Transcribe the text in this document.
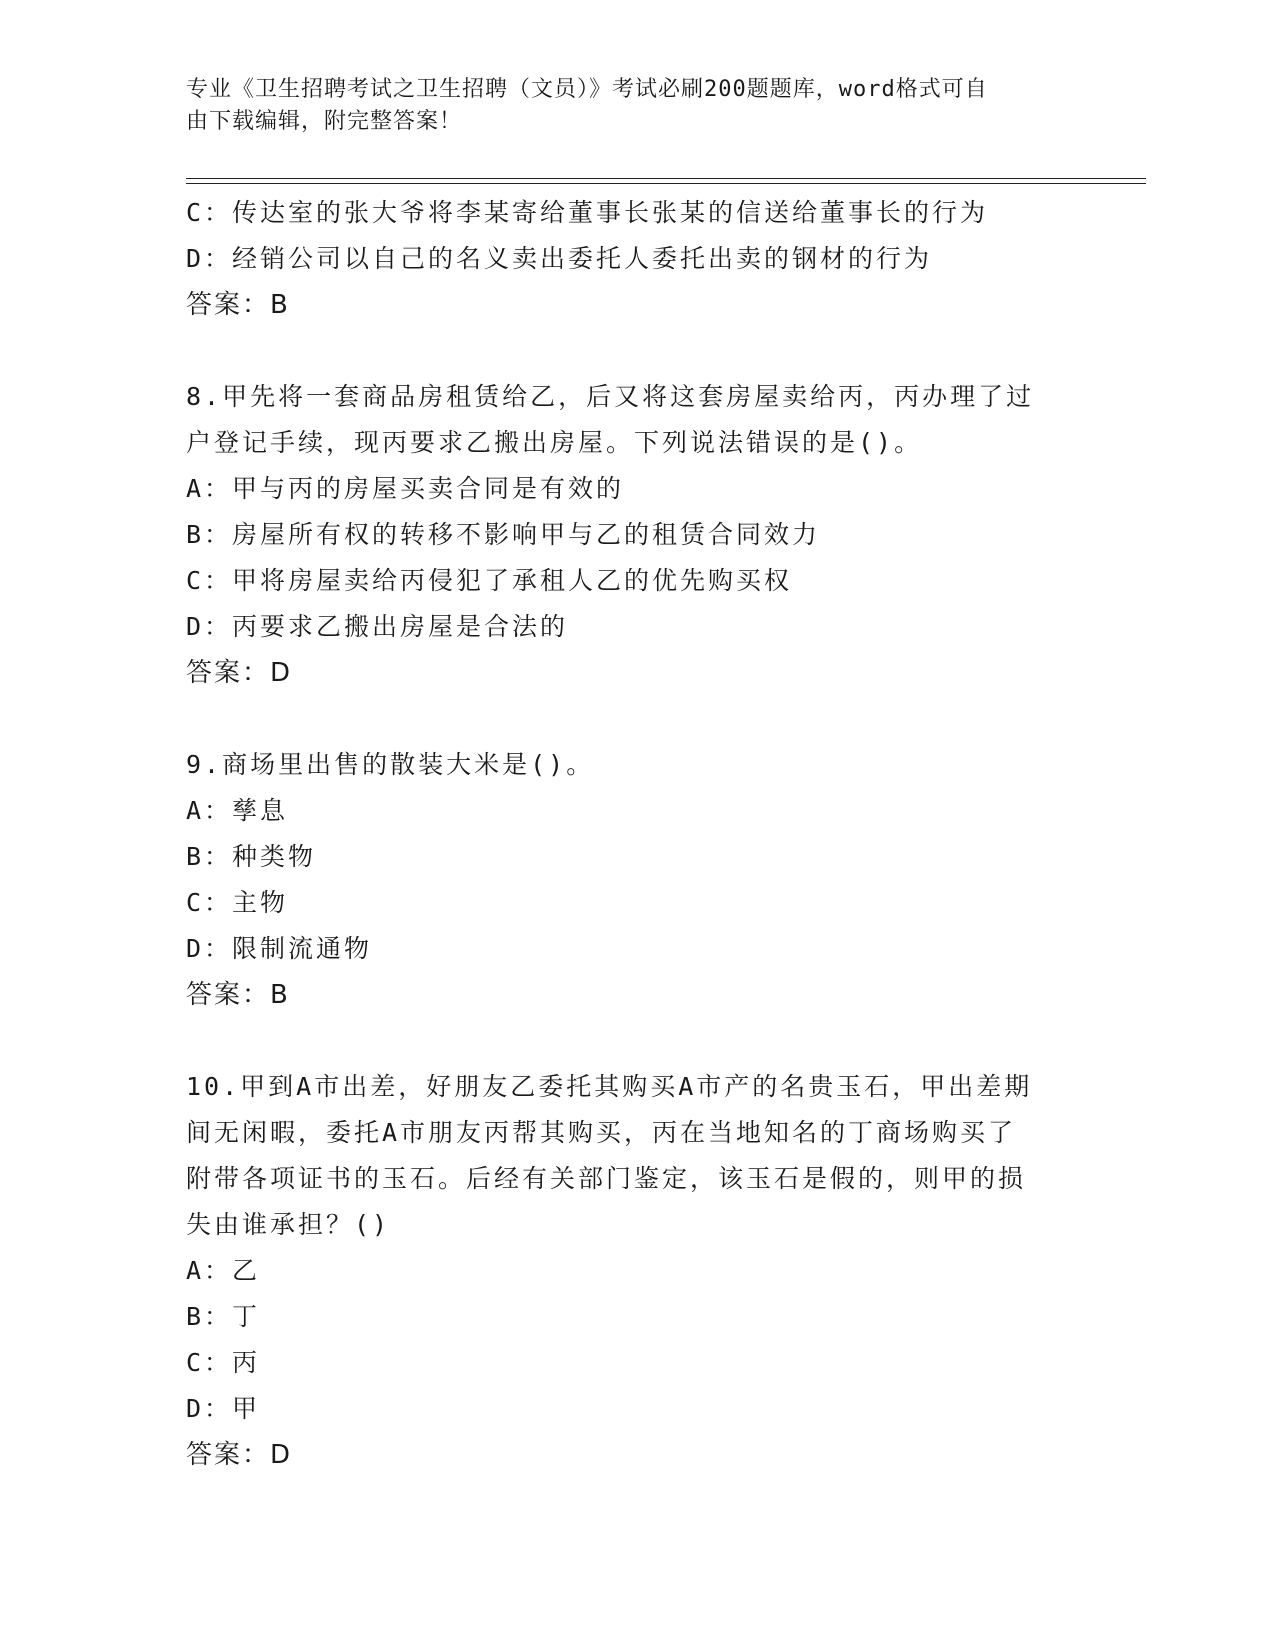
专业《卫生招聘考试之卫生招聘（文员）》考试必刷200题题库，word格式可自
由下载编辑，附完整答案！
C：传达室的张大爷将李某寄给董事长张某的信送给董事长的行为
D：经销公司以自己的名义卖出委托人委托出卖的钢材的行为
答案：B
8.甲先将一套商品房租赁给乙，后又将这套房屋卖给丙，丙办理了过
户登记手续，现丙要求乙搬出房屋。下列说法错误的是()。
A：甲与丙的房屋买卖合同是有效的
B：房屋所有权的转移不影响甲与乙的租赁合同效力
C：甲将房屋卖给丙侵犯了承租人乙的优先购买权
D：丙要求乙搬出房屋是合法的
答案：D
9.商场里出售的散装大米是()。
A：孳息
B：种类物
C：主物
D：限制流通物
答案：B
10.甲到A市出差，好朋友乙委托其购买A市产的名贵玉石，甲出差期
间无闲暇，委托A市朋友丙帮其购买，丙在当地知名的丁商场购买了
附带各项证书的玉石。后经有关部门鉴定，该玉石是假的，则甲的损
失由谁承担？()
A：乙
B：丁
C：丙
D：甲
答案：D
